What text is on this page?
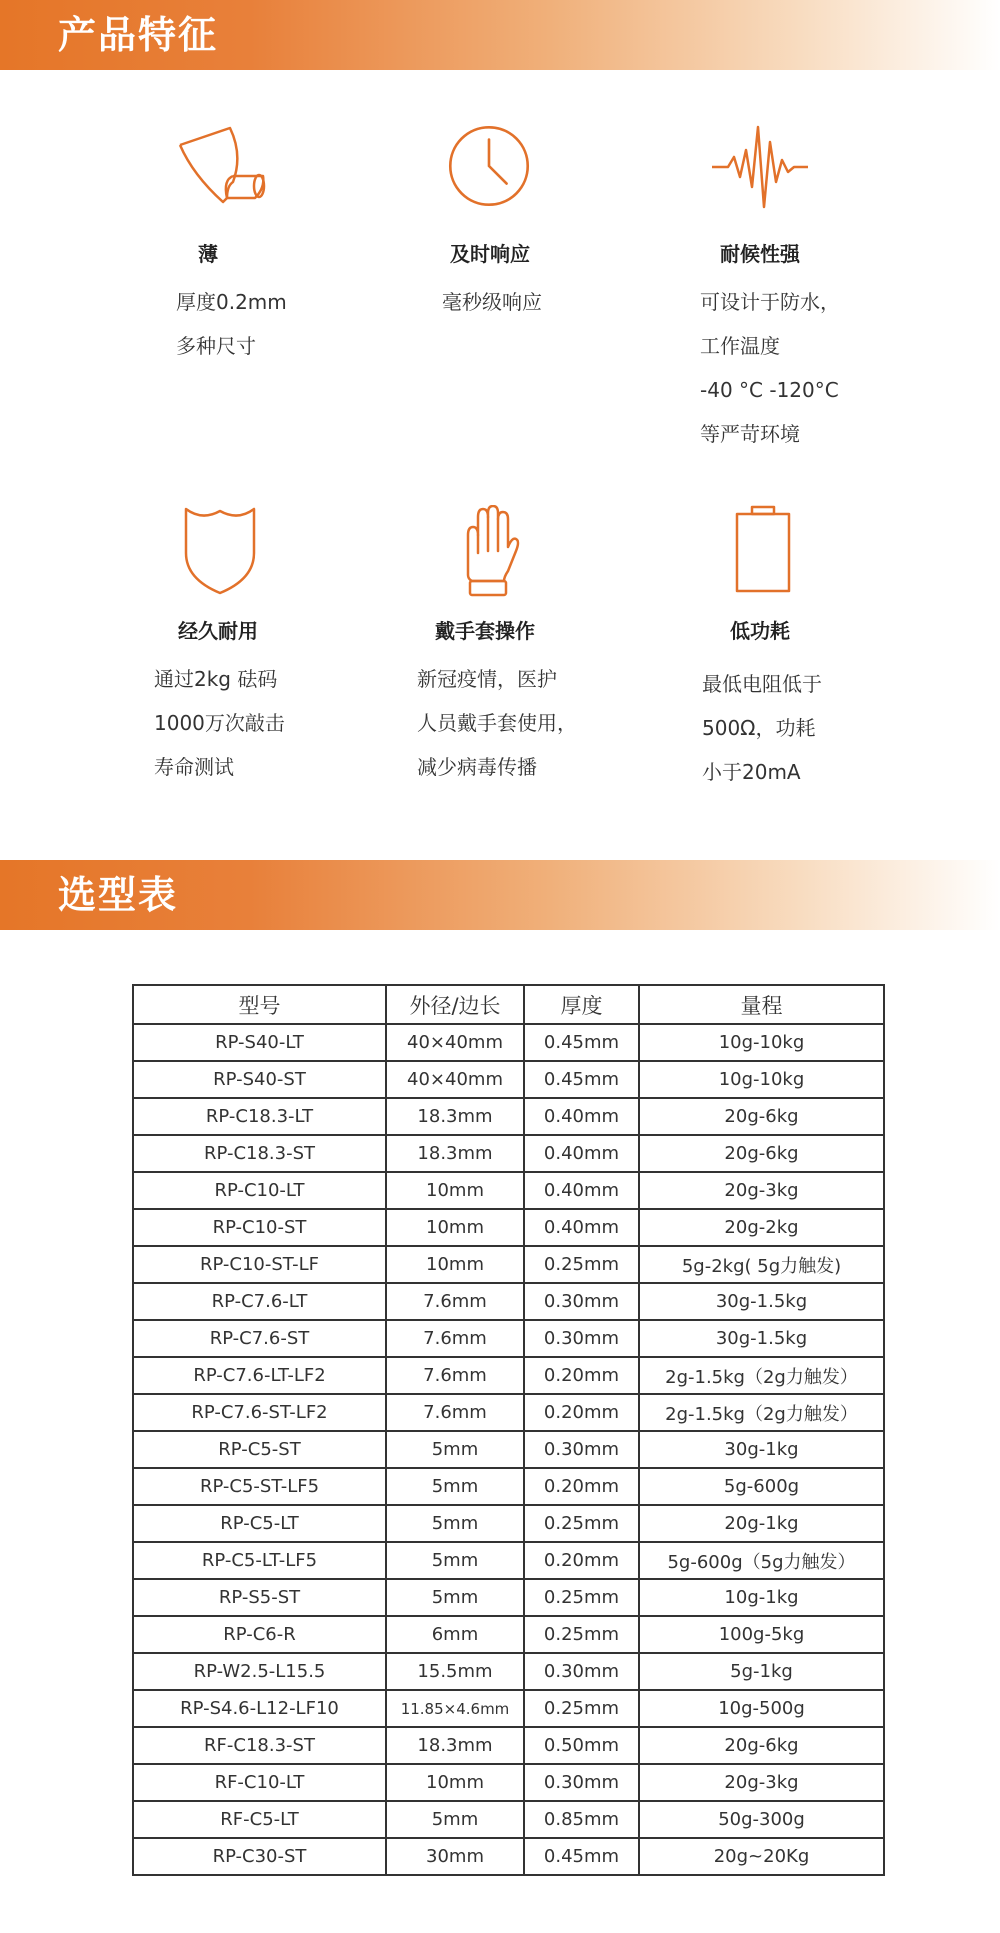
产品特征
薄
厚度0.2mm
多种尺寸
及时响应
毫秒级响应
耐候性强
可设计于防水，
工作温度
-40 °C -120°C
等严苛环境
经久耐用
通过2kg 砝码
1000万次敲击
寿命测试
戴手套操作
新冠疫情，医护
人员戴手套使用，
减少病毒传播
低功耗
最低电阻低于
500Ω，功耗
小于20mA
选型表
型号	外径/边长	厚度	量程
RP-S40-LT	40×40mm	0.45mm	10g-10kg
RP-S40-ST	40×40mm	0.45mm	10g-10kg
RP-C18.3-LT	18.3mm	0.40mm	20g-6kg
RP-C18.3-ST	18.3mm	0.40mm	20g-6kg
RP-C10-LT	10mm	0.40mm	20g-3kg
RP-C10-ST	10mm	0.40mm	20g-2kg
RP-C10-ST-LF	10mm	0.25mm	5g-2kg( 5g力触发)
RP-C7.6-LT	7.6mm	0.30mm	30g-1.5kg
RP-C7.6-ST	7.6mm	0.30mm	30g-1.5kg
RP-C7.6-LT-LF2	7.6mm	0.20mm	2g-1.5kg（2g力触发）
RP-C7.6-ST-LF2	7.6mm	0.20mm	2g-1.5kg（2g力触发）
RP-C5-ST	5mm	0.30mm	30g-1kg
RP-C5-ST-LF5	5mm	0.20mm	5g-600g
RP-C5-LT	5mm	0.25mm	20g-1kg
RP-C5-LT-LF5	5mm	0.20mm	5g-600g（5g力触发）
RP-S5-ST	5mm	0.25mm	10g-1kg
RP-C6-R	6mm	0.25mm	100g-5kg
RP-W2.5-L15.5	15.5mm	0.30mm	5g-1kg
RP-S4.6-L12-LF10	11.85×4.6mm	0.25mm	10g-500g
RF-C18.3-ST	18.3mm	0.50mm	20g-6kg
RF-C10-LT	10mm	0.30mm	20g-3kg
RF-C5-LT	5mm	0.85mm	50g-300g
RP-C30-ST	30mm	0.45mm	20g~20Kg
